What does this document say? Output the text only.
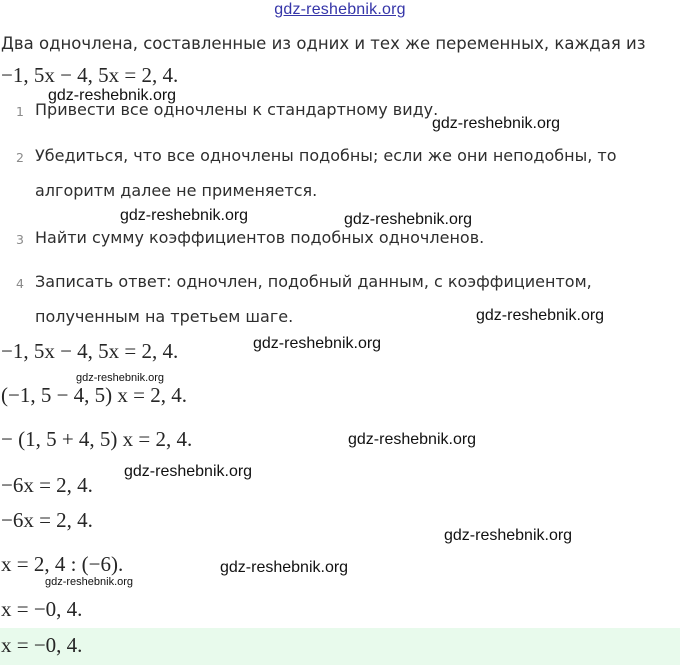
gdz-reshebnik.org
Два одночлена, составленные из одних и тех же переменных, каждая из
−1, 5x − 4, 5x = 2, 4.
1 Привести все одночлены к стандартному виду.
2 Убедиться, что все одночлены подобны; если же они неподобны, то
алгоритм далее не применяется.
3 Найти сумму коэффициентов подобных одночленов.
4 Записать ответ: одночлен, подобный данным, с коэффициентом,
полученным на третьем шаге.
−1, 5x − 4, 5x = 2, 4.
(−1, 5 − 4, 5) x = 2, 4.
− (1, 5 + 4, 5) x = 2, 4.
−6x = 2, 4.
−6x = 2, 4.
x = 2, 4 : (−6).
x = −0, 4.
x = −0, 4.
gdz-reshebnik.org
gdz-reshebnik.org
gdz-reshebnik.org	gdz-reshebnik.org
gdz-reshebnik.org
gdz-reshebnik.org
gdz-reshebnik.org
gdz-reshebnik.org
gdz-reshebnik.org
gdz-reshebnik.org
gdz-reshebnik.org
gdz-reshebnik.org
